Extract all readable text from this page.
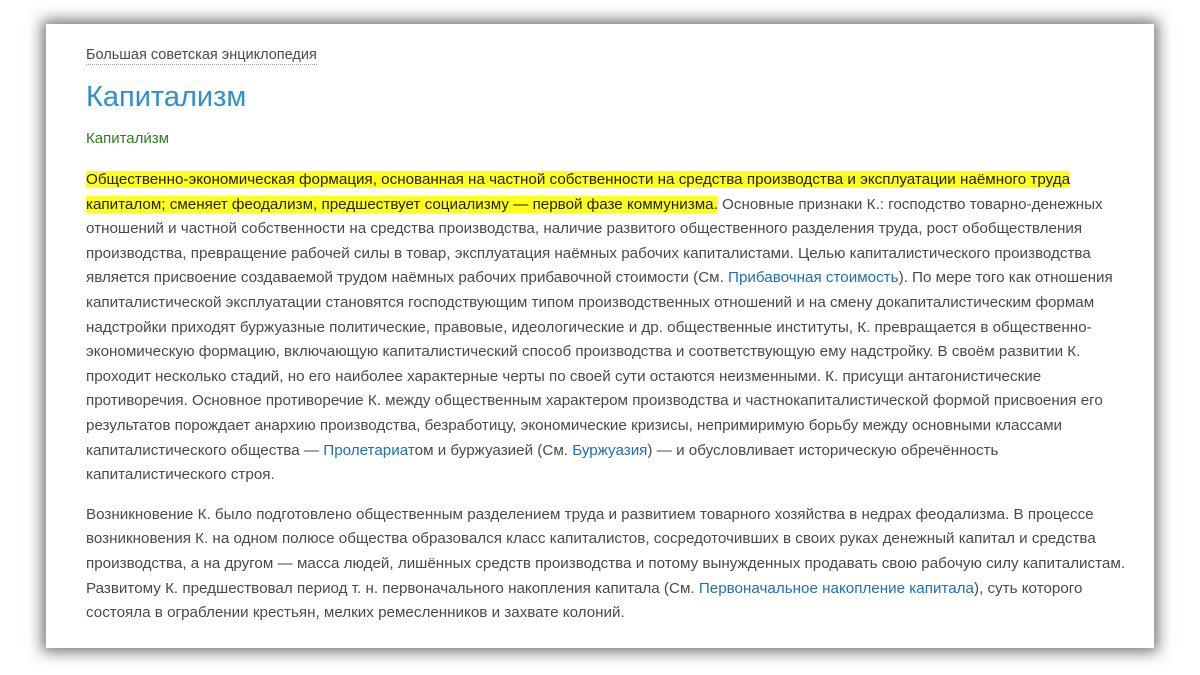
Большая советская энциклопедия
Капитализм
Капитали́зм

Общественно-экономическая формация, основанная на частной собственности на средства производства и эксплуатации наёмного труда капиталом; сменяет феодализм, предшествует социализму — первой фазе коммунизма. Основные признаки К.: господство товарно-денежных отношений и частной собственности на средства производства, наличие развитого общественного разделения труда, рост обобществления производства, превращение рабочей силы в товар, эксплуатация наёмных рабочих капиталистами. Целью капиталистического производства является присвоение создаваемой трудом наёмных рабочих прибавочной стоимости (См. Прибавочная стоимость). По мере того как отношения капиталистической эксплуатации становятся господствующим типом производственных отношений и на смену докапиталистическим формам надстройки приходят буржуазные политические, правовые, идеологические и др. общественные институты, К. превращается в общественно-экономическую формацию, включающую капиталистический способ производства и соответствующую ему надстройку. В своём развитии К. проходит несколько стадий, но его наиболее характерные черты по своей сути остаются неизменными. К. присущи антагонистические противоречия. Основное противоречие К. между общественным характером производства и частнокапиталистической формой присвоения его результатов порождает анархию производства, безработицу, экономические кризисы, непримиримую борьбу между основными классами капиталистического общества — Пролетариатом и буржуазией (См. Буржуазия) — и обусловливает историческую обречённость капиталистического строя.

Возникновение К. было подготовлено общественным разделением труда и развитием товарного хозяйства в недрах феодализма. В процессе возникновения К. на одном полюсе общества образовался класс капиталистов, сосредоточивших в своих руках денежный капитал и средства производства, а на другом — масса людей, лишённых средств производства и потому вынужденных продавать свою рабочую силу капиталистам. Развитому К. предшествовал период т. н. первоначального накопления капитала (См. Первоначальное накопление капитала), суть которого состояла в ограблении крестьян, мелких ремесленников и захвате колоний.
